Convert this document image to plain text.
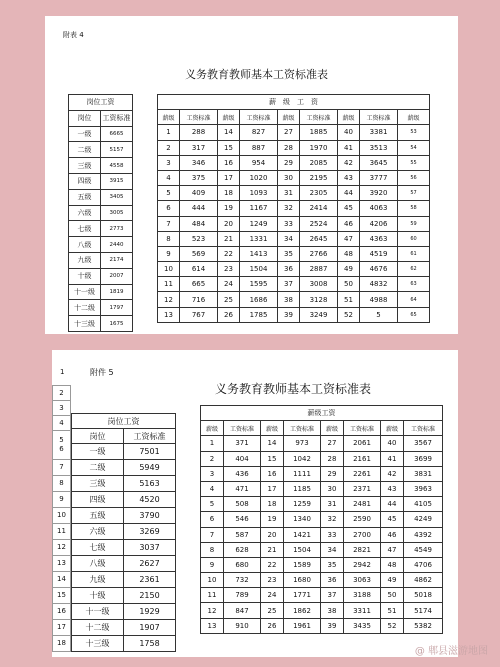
附表 4
义务教育教师基本工资标准表
岗位工资	
岗位	工资标准
一级	6665
二级	5157
三级	4558
四级	3915
五级	3405
六级	3005
七级	2773
八级	2440
九级	2174
十级	2007
十一级	1819
十二级	1797
十三级	1675
薪　级　工　资								
薪级	工资标准	薪级	工资标准	薪级	工资标准	薪级	工资标准	薪级
1	288	14	827	27	1885	40	3381	53
2	317	15	887	28	1970	41	3513	54
3	346	16	954	29	2085	42	3645	55
4	375	17	1020	30	2195	43	3777	56
5	409	18	1093	31	2305	44	3920	57
6	444	19	1167	32	2414	45	4063	58
7	484	20	1249	33	2524	46	4206	59
8	523	21	1331	34	2645	47	4363	60
9	569	22	1413	35	2766	48	4519	61
10	614	23	1504	36	2887	49	4676	62
11	665	24	1595	37	3008	50	4832	63
12	716	25	1686	38	3128	51	4988	64
13	767	26	1785	39	3249	52	5	65
1	附件 5
义务教育教师基本工资标准表
2
3
4
5
6
7
8
9
10
11
12
13
14
15
16
17
18
岗位工资	
岗位	工资标准
一级	7501
二级	5949
三级	5163
四级	4520
五级	3790
六级	3269
七级	3037
八级	2627
九级	2361
十级	2150
十一级	1929
十二级	1907
十三级	1758
薪级工资							
薪级	工资标准	薪级	工资标准	薪级	工资标准	薪级	工资标准
1	371	14	973	27	2061	40	3567
2	404	15	1042	28	2161	41	3699
3	436	16	1111	29	2261	42	3831
4	471	17	1185	30	2371	43	3963
5	508	18	1259	31	2481	44	4105
6	546	19	1340	32	2590	45	4249
7	587	20	1421	33	2700	46	4392
8	628	21	1504	34	2821	47	4549
9	680	22	1589	35	2942	48	4706
10	732	23	1680	36	3063	49	4862
11	789	24	1771	37	3188	50	5018
12	847	25	1862	38	3311	51	5174
13	910	26	1961	39	3435	52	5382
@ 郫县滋游地图
